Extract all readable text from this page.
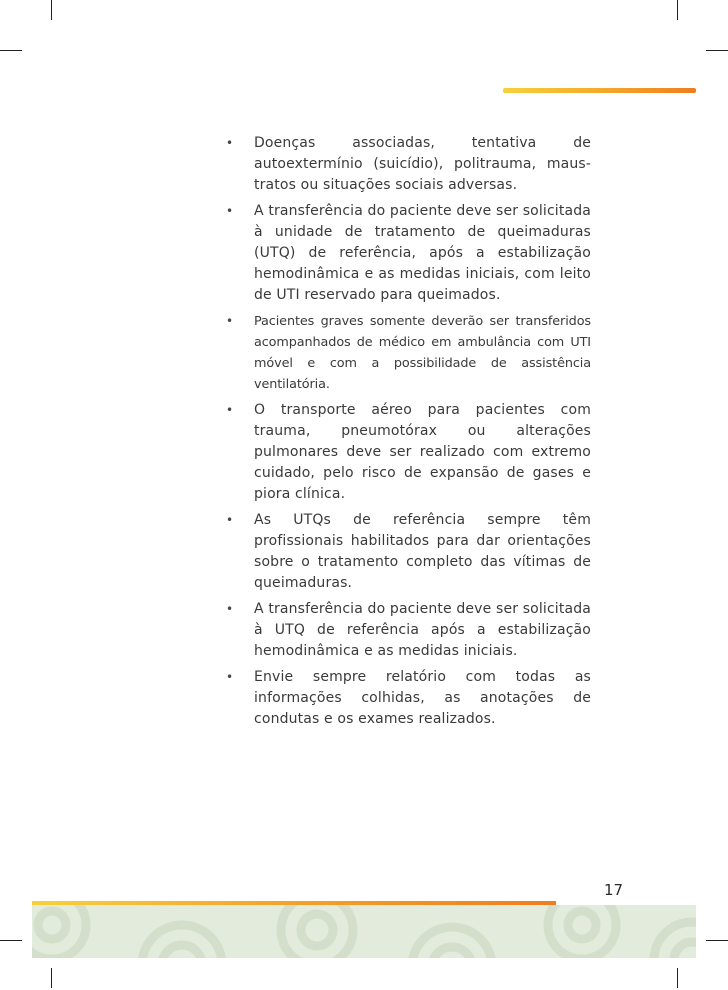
• Doenças associadas, tentativa de autoextermínio (suicídio), politrauma, maus-tratos ou situações sociais adversas.
• A transferência do paciente deve ser solicitada à unidade de tratamento de queimaduras (UTQ) de referência, após a estabilização hemodinâmica e as medidas iniciais, com leito de UTI reservado para queimados.
• Pacientes graves somente deverão ser transferidos acompanhados de médico em ambulância com UTI móvel e com a possibilidade de assistência ventilatória.
• O transporte aéreo para pacientes com trauma, pneumotórax ou alterações pulmonares deve ser realizado com extremo cuidado, pelo risco de expansão de gases e piora clínica.
• As UTQs de referência sempre têm profissionais habilitados para dar orientações sobre o tratamento completo das vítimas de queimaduras.
• A transferência do paciente deve ser solicitada à UTQ de referência após a estabilização hemodinâmica e as medidas iniciais.
• Envie sempre relatório com todas as informações colhidas, as anotações de condutas e os exames realizados.
17
